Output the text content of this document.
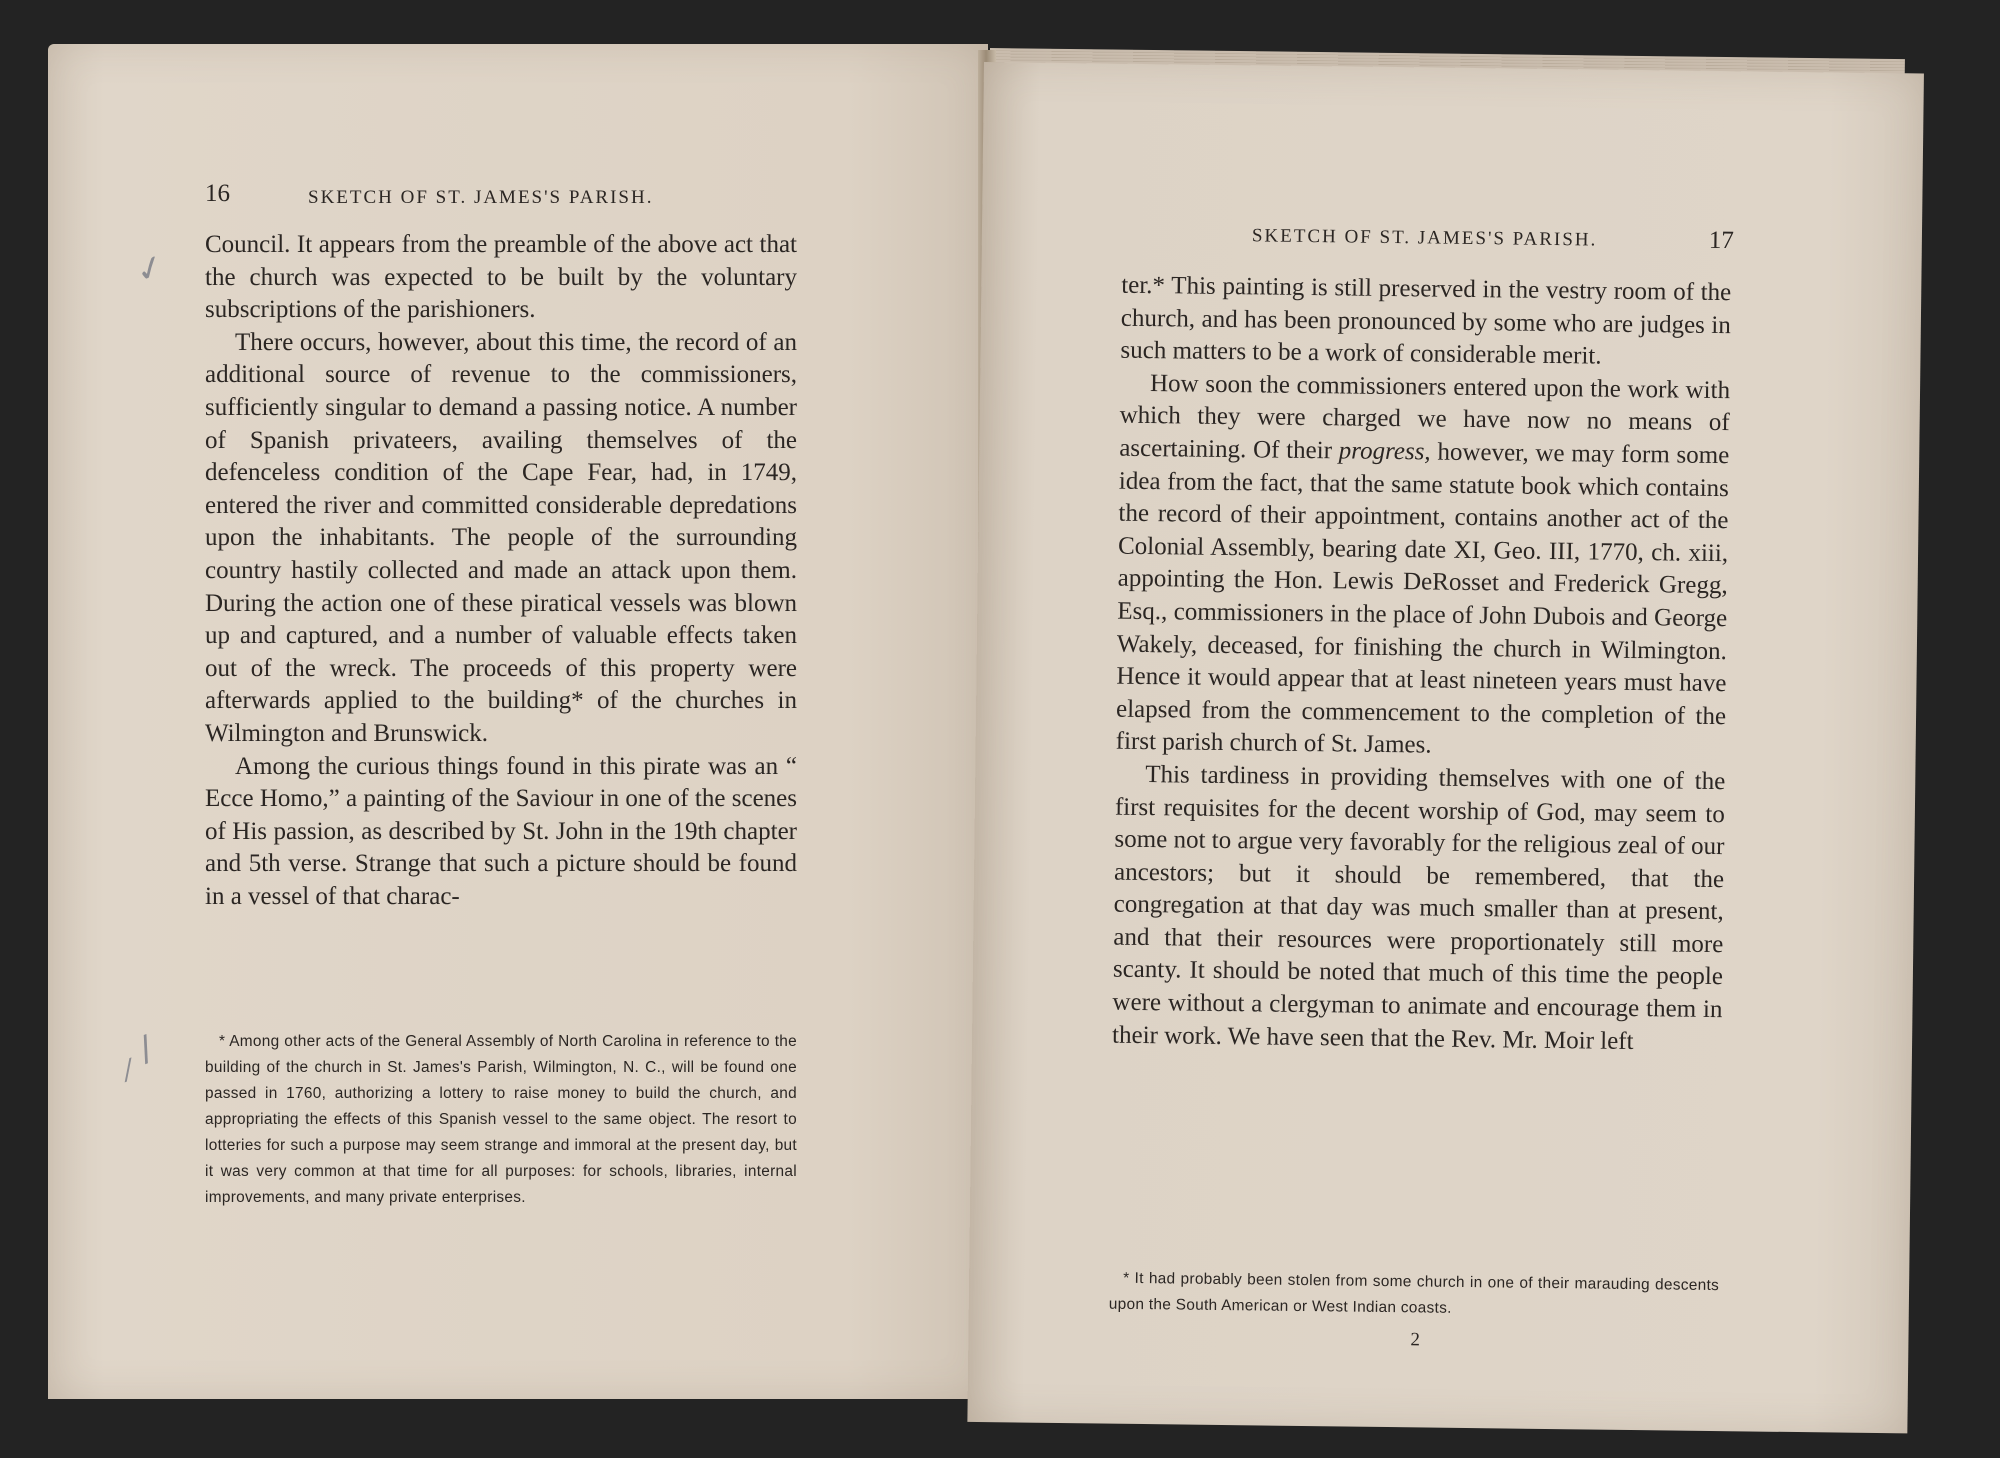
16	SKETCH OF ST. JAMES'S PARISH.

Council. It appears from the preamble of the above act that the church was expected to be built by the voluntary subscriptions of the parishioners.

There occurs, however, about this time, the record of an additional source of revenue to the commissioners, sufficiently singular to demand a passing notice. A number of Spanish privateers, availing themselves of the defenceless condition of the Cape Fear, had, in 1749, entered the river and committed considerable depredations upon the inhabitants. The people of the surrounding country hastily collected and made an attack upon them. During the action one of these piratical vessels was blown up and captured, and a number of valuable effects taken out of the wreck. The proceeds of this property were afterwards applied to the building* of the churches in Wilmington and Brunswick.

Among the curious things found in this pirate was an “ Ecce Homo,” a painting of the Saviour in one of the scenes of His passion, as described by St. John in the 19th chapter and 5th verse. Strange that such a picture should be found in a vessel of that charac-

* Among other acts of the General Assembly of North Carolina in reference to the building of the church in St. James's Parish, Wilmington, N. C., will be found one passed in 1760, authorizing a lottery to raise money to build the church, and appropriating the effects of this Spanish vessel to the same object. The resort to lotteries for such a purpose may seem strange and immoral at the present day, but it was very common at that time for all purposes: for schools, libraries, internal improvements, and many private enterprises.

✓
/
⁄
SKETCH OF ST. JAMES'S PARISH.	17

ter.* This painting is still preserved in the vestry room of the church, and has been pronounced by some who are judges in such matters to be a work of considerable merit.

How soon the commissioners entered upon the work with which they were charged we have now no means of ascertaining. Of their progress, however, we may form some idea from the fact, that the same statute book which contains the record of their appointment, contains another act of the Colonial Assembly, bearing date XI, Geo. III, 1770, ch. xiii, appointing the Hon. Lewis DeRosset and Frederick Gregg, Esq., commissioners in the place of John Dubois and George Wakely, deceased, for finishing the church in Wilmington. Hence it would appear that at least nineteen years must have elapsed from the commencement to the completion of the first parish church of St. James.

This tardiness in providing themselves with one of the first requisites for the decent worship of God, may seem to some not to argue very favorably for the religious zeal of our ancestors; but it should be remembered, that the congregation at that day was much smaller than at present, and that their resources were proportionately still more scanty. It should be noted that much of this time the people were without a clergyman to animate and encourage them in their work. We have seen that the Rev. Mr. Moir left

* It had probably been stolen from some church in one of their marauding descents upon the South American or West Indian coasts.

2
